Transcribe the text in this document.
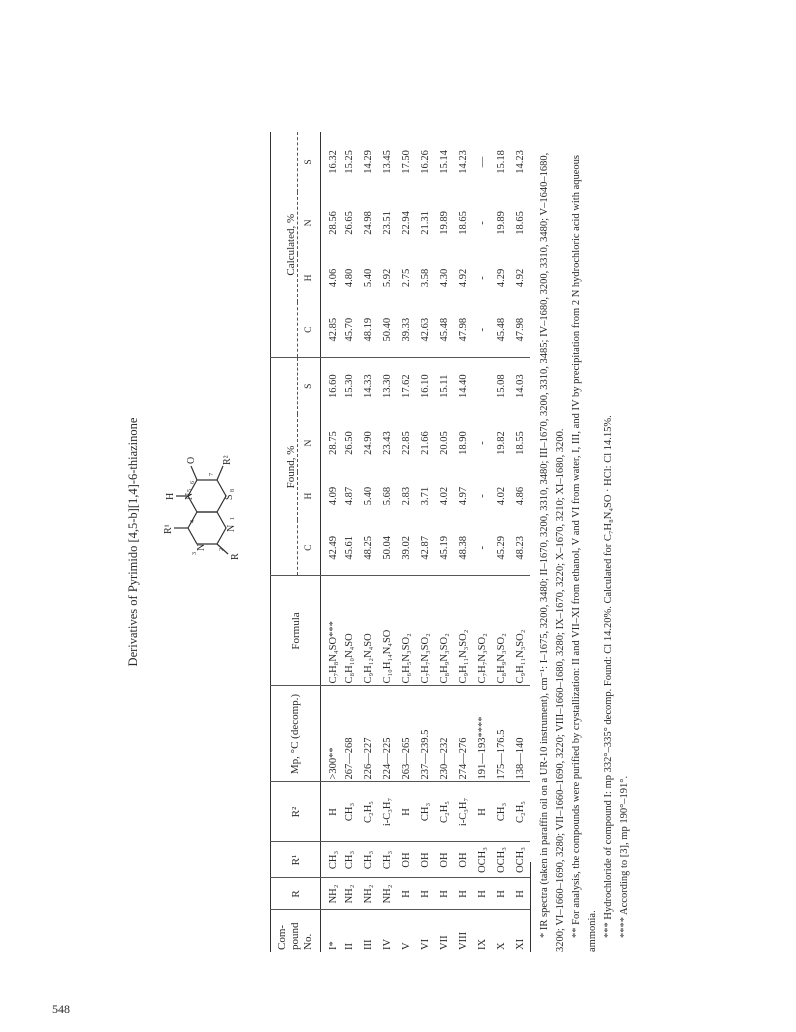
548
Derivatives of Pyrimido [4,5-b][1,4]-6-thiazinone R¹
H
O	R²
R
N
N
N	S
3
2
1
4
5
6
7
8
Com-pound No.	R	R¹	R²	Mp, °C (decomp.)	Formula	Found, %				Calculated, %			
						C	H	N	S	C	H	N	S
I*	NH₂	CH₃	H	>300**	C₇H₈N₄SO***	42.49	4.09	28.75	16.60	42.85	4.06	28.56	16.32
II	NH₂	CH₃	CH₃	267—268	C₈H₁₀N₄SO	45.61	4.87	26.50	15.30	45.70	4.80	26.65	15.25
III	NH₂	CH₃	C₂H₅	226—227	C₉H₁₂N₄SO	48.25	5.40	24.90	14.33	48.19	5.40	24.98	14.29
IV	NH₂	CH₃	i-C₃H₇	224—225	C₁₀H₁₄N₄SO	50.04	5.68	23.43	13.30	50.40	5.92	23.51	13.45
V	H	OH	H	263—265	C₆H₅N₃SO₂	39.02	2.83	22.85	17.62	39.33	2.75	22.94	17.50
VI	H	OH	CH₃	237—239.5	C₇H₇N₃SO₂	42.87	3.71	21.66	16.10	42.63	3.58	21.31	16.26
VII	H	OH	C₂H₅	230—232	C₈H₉N₃SO₂	45.19	4.02	20.05	15.11	45.48	4.30	19.89	15.14
VIII	H	OH	i-C₃H₇	274—276	C₉H₁₁N₃SO₂	48.38	4.97	18.90	14.40	47.98	4.92	18.65	14.23
IX	H	OCH₃	H	191—193****	C₇H₇N₃SO₂	-	-	-		-	-	-	—
X	H	OCH₃	CH₃	175—176.5	C₈H₉N₃SO₂	45.29	4.02	19.82	15.08	45.48	4.29	19.89	15.18
XI	H	OCH₃	C₂H₅	138—140	C₉H₁₁N₃SO₂	48.23	4.86	18.55	14.03	47.98	4.92	18.65	14.23 * IR spectra (taken in paraffin oil on a UR-10 instrument), cm⁻¹: I–1675, 3200, 3480; II–1670, 3200, 3310, 3480; III–1670, 3200, 3310, 3485; IV–1680, 3200, 3310, 3480; V–1640–1680, 3200; VI–1660–1690, 3280; VII–1660–1690, 3220; VIII–1660–1680, 3280; IX–1670, 3220; X–1670, 3210; XI–1680, 3200. ** For analysis, the compounds were purified by crystallization: II and VII–XI from ethanol, V and VI from water, I, III, and IV by precipitation from 2 N hydrochloric acid with aqueous ammonia. *** Hydrochloride of compound I: mp 332°–335° decomp. Found: Cl 14.20%. Calculated for C₇H₈N₄SO · HCl: Cl 14.15%. **** According to [3], mp 190°–191°.
